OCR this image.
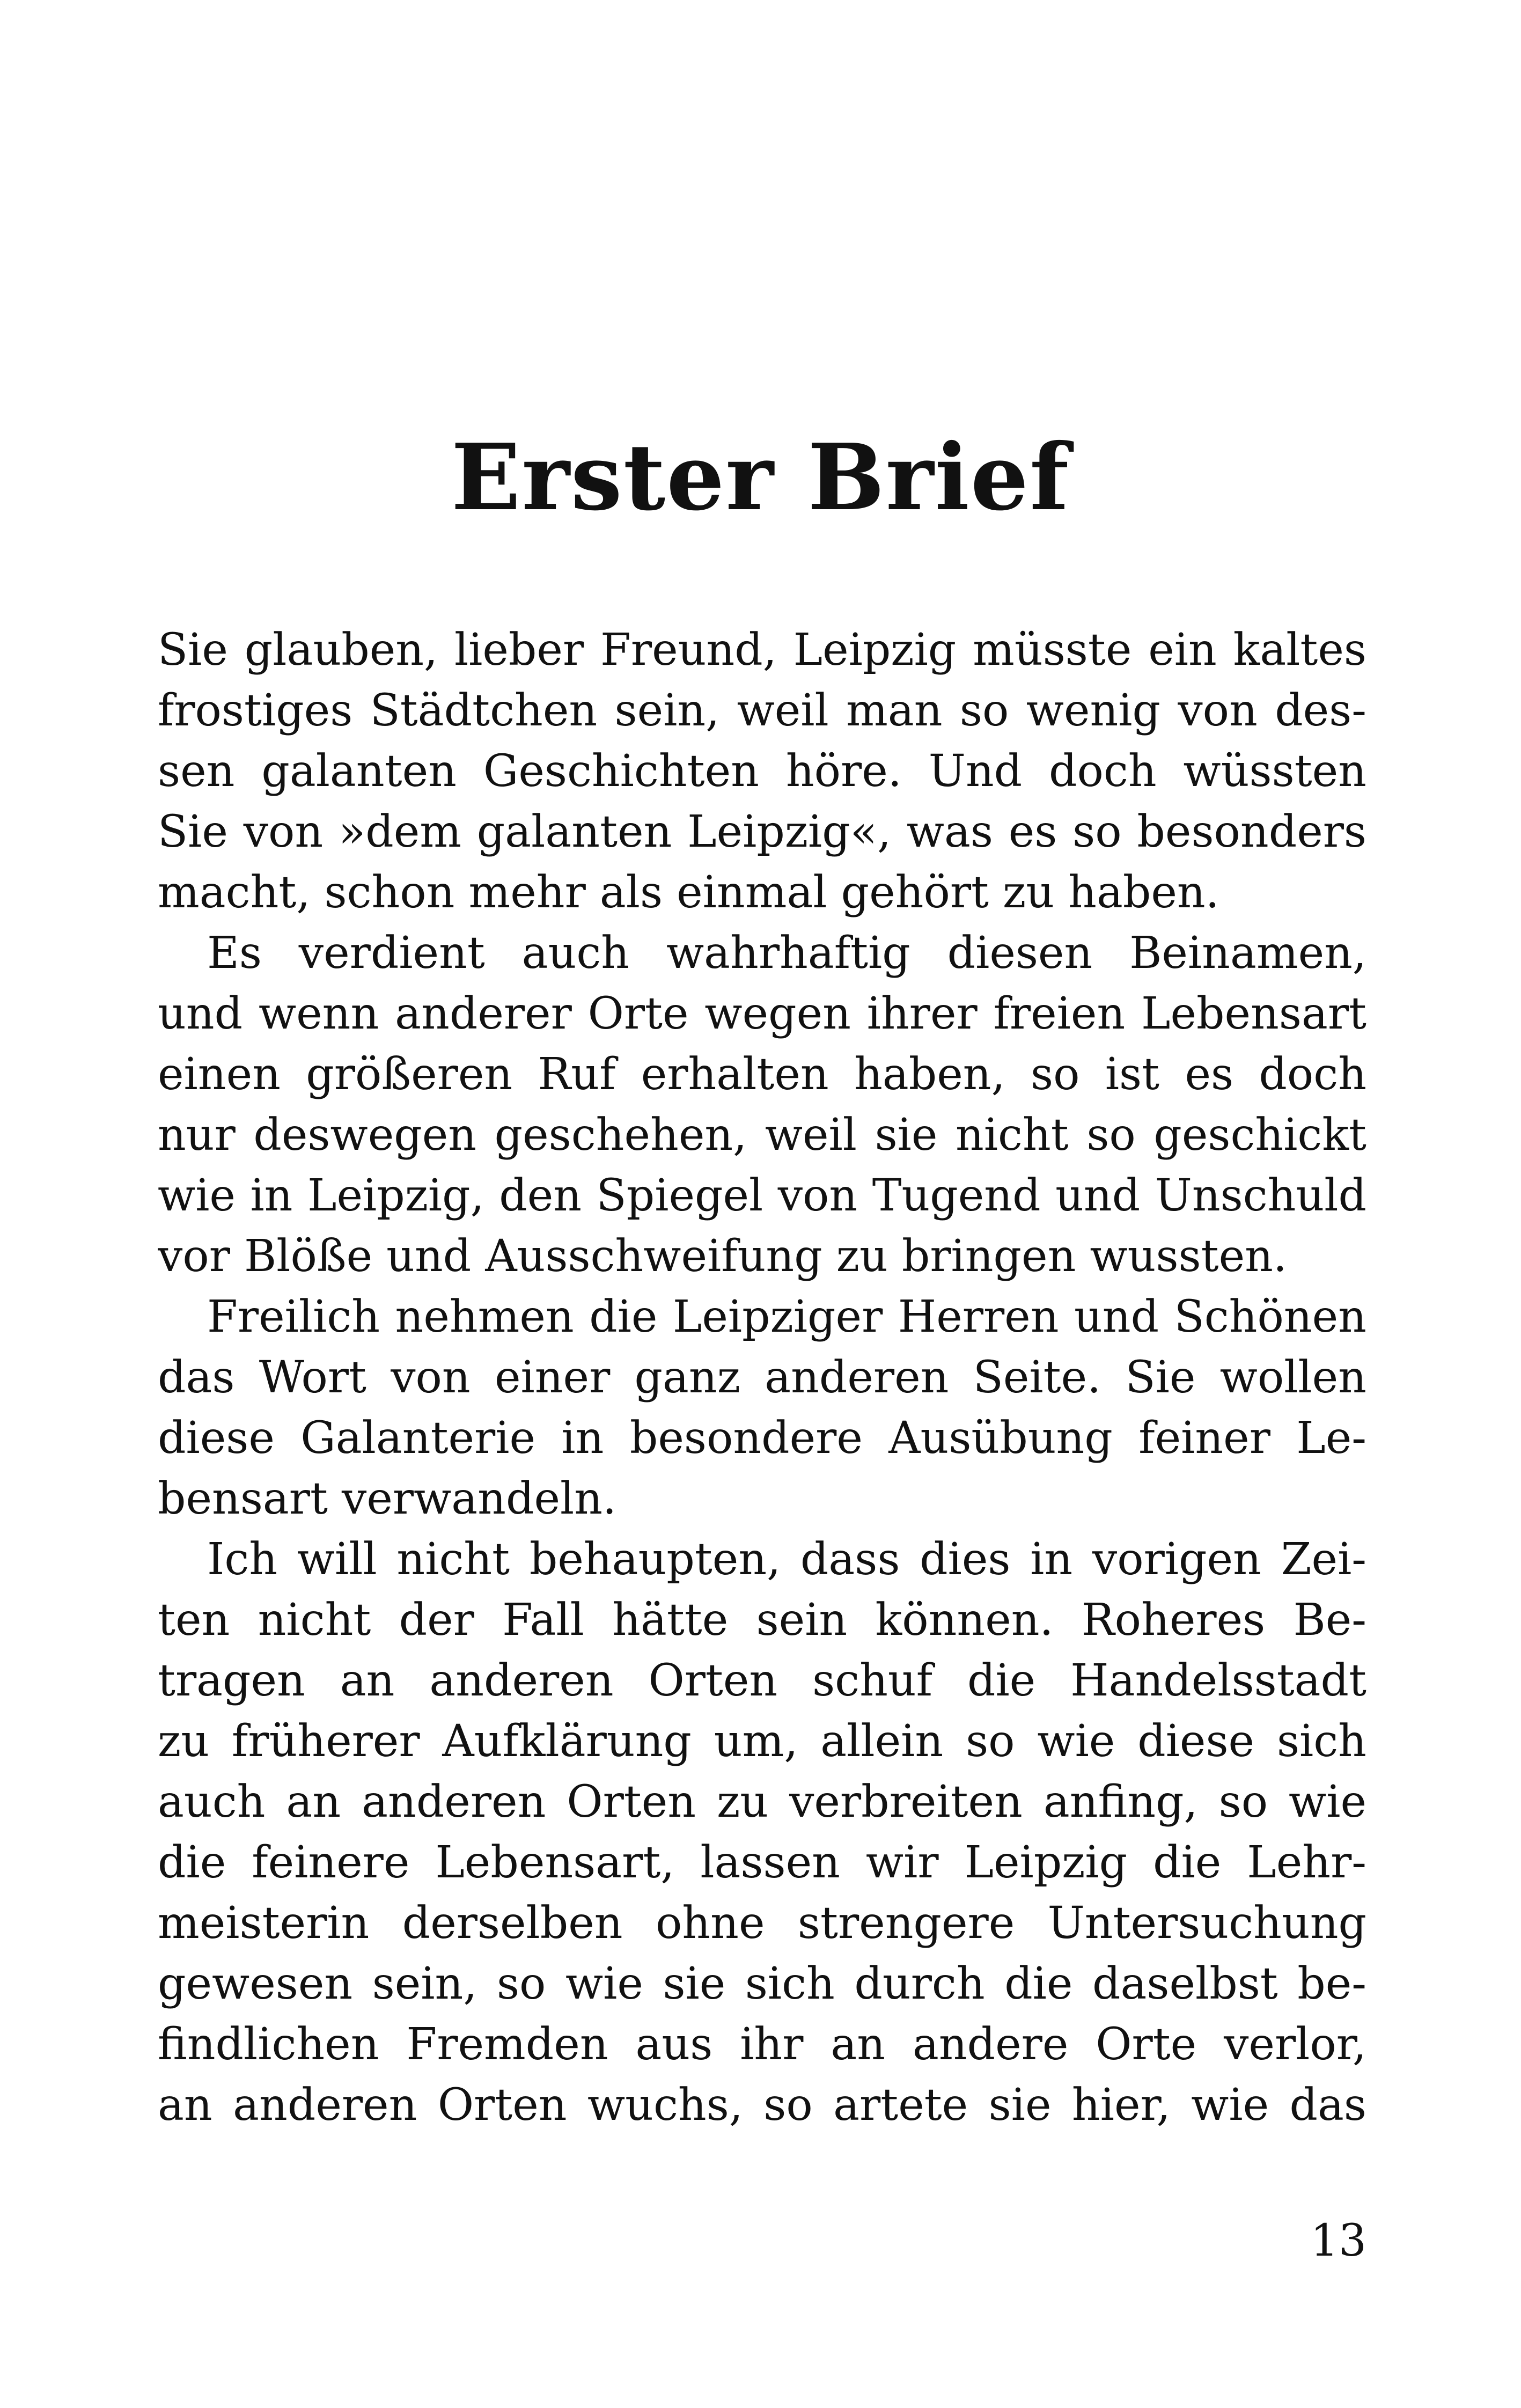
Erster Brief
Sie glauben, lieber Freund, Leipzig müsste ein kaltes
frostiges Städtchen sein, weil man so wenig von des-
sen galanten Geschichten höre. Und doch wüssten
Sie von »dem galanten Leipzig«, was es so besonders
macht, schon mehr als einmal gehört zu haben.
Es verdient auch wahrhaftig diesen Beinamen,
und wenn anderer Orte wegen ihrer freien Lebensart
einen größeren Ruf erhalten haben, so ist es doch
nur deswegen geschehen, weil sie nicht so geschickt
wie in Leipzig, den Spiegel von Tugend und Unschuld
vor Blöße und Ausschweifung zu bringen wussten.
Freilich nehmen die Leipziger Herren und Schönen
das Wort von einer ganz anderen Seite. Sie wollen
diese Galanterie in besondere Ausübung feiner Le-
bensart verwandeln.
Ich will nicht behaupten, dass dies in vorigen Zei-
ten nicht der Fall hätte sein können. Roheres Be-
tragen an anderen Orten schuf die Handelsstadt
zu früherer Aufklärung um, allein so wie diese sich
auch an anderen Orten zu verbreiten anfing, so wie
die feinere Lebensart, lassen wir Leipzig die Lehr-
meisterin derselben ohne strengere Untersuchung
gewesen sein, so wie sie sich durch die daselbst be-
findlichen Fremden aus ihr an andere Orte verlor,
an anderen Orten wuchs, so artete sie hier, wie das

13
